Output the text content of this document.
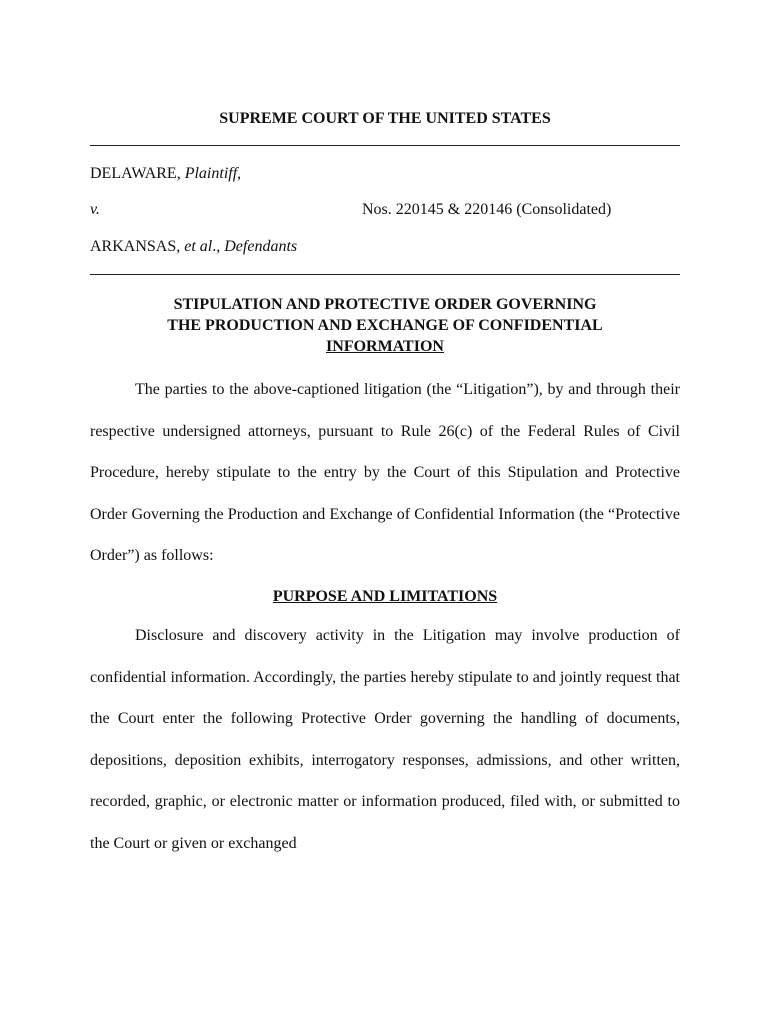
SUPREME COURT OF THE UNITED STATES
DELAWARE, Plaintiff,
v.	Nos. 220145 & 220146 (Consolidated)
ARKANSAS, et al., Defendants
STIPULATION AND PROTECTIVE ORDER GOVERNING
THE PRODUCTION AND EXCHANGE OF CONFIDENTIAL
INFORMATION

The parties to the above-captioned litigation (the “Litigation”), by and through their respective undersigned attorneys, pursuant to Rule 26(c) of the Federal Rules of Civil Procedure, hereby stipulate to the entry by the Court of this Stipulation and Protective Order Governing the Production and Exchange of Confidential Information (the “Protective Order”) as follows:

PURPOSE AND LIMITATIONS

Disclosure and discovery activity in the Litigation may involve production of confidential information. Accordingly, the parties hereby stipulate to and jointly request that the Court enter the following Protective Order governing the handling of documents, depositions, deposition exhibits, interrogatory responses, admissions, and other written, recorded, graphic, or electronic matter or information produced, filed with, or submitted to the Court or given or exchanged
